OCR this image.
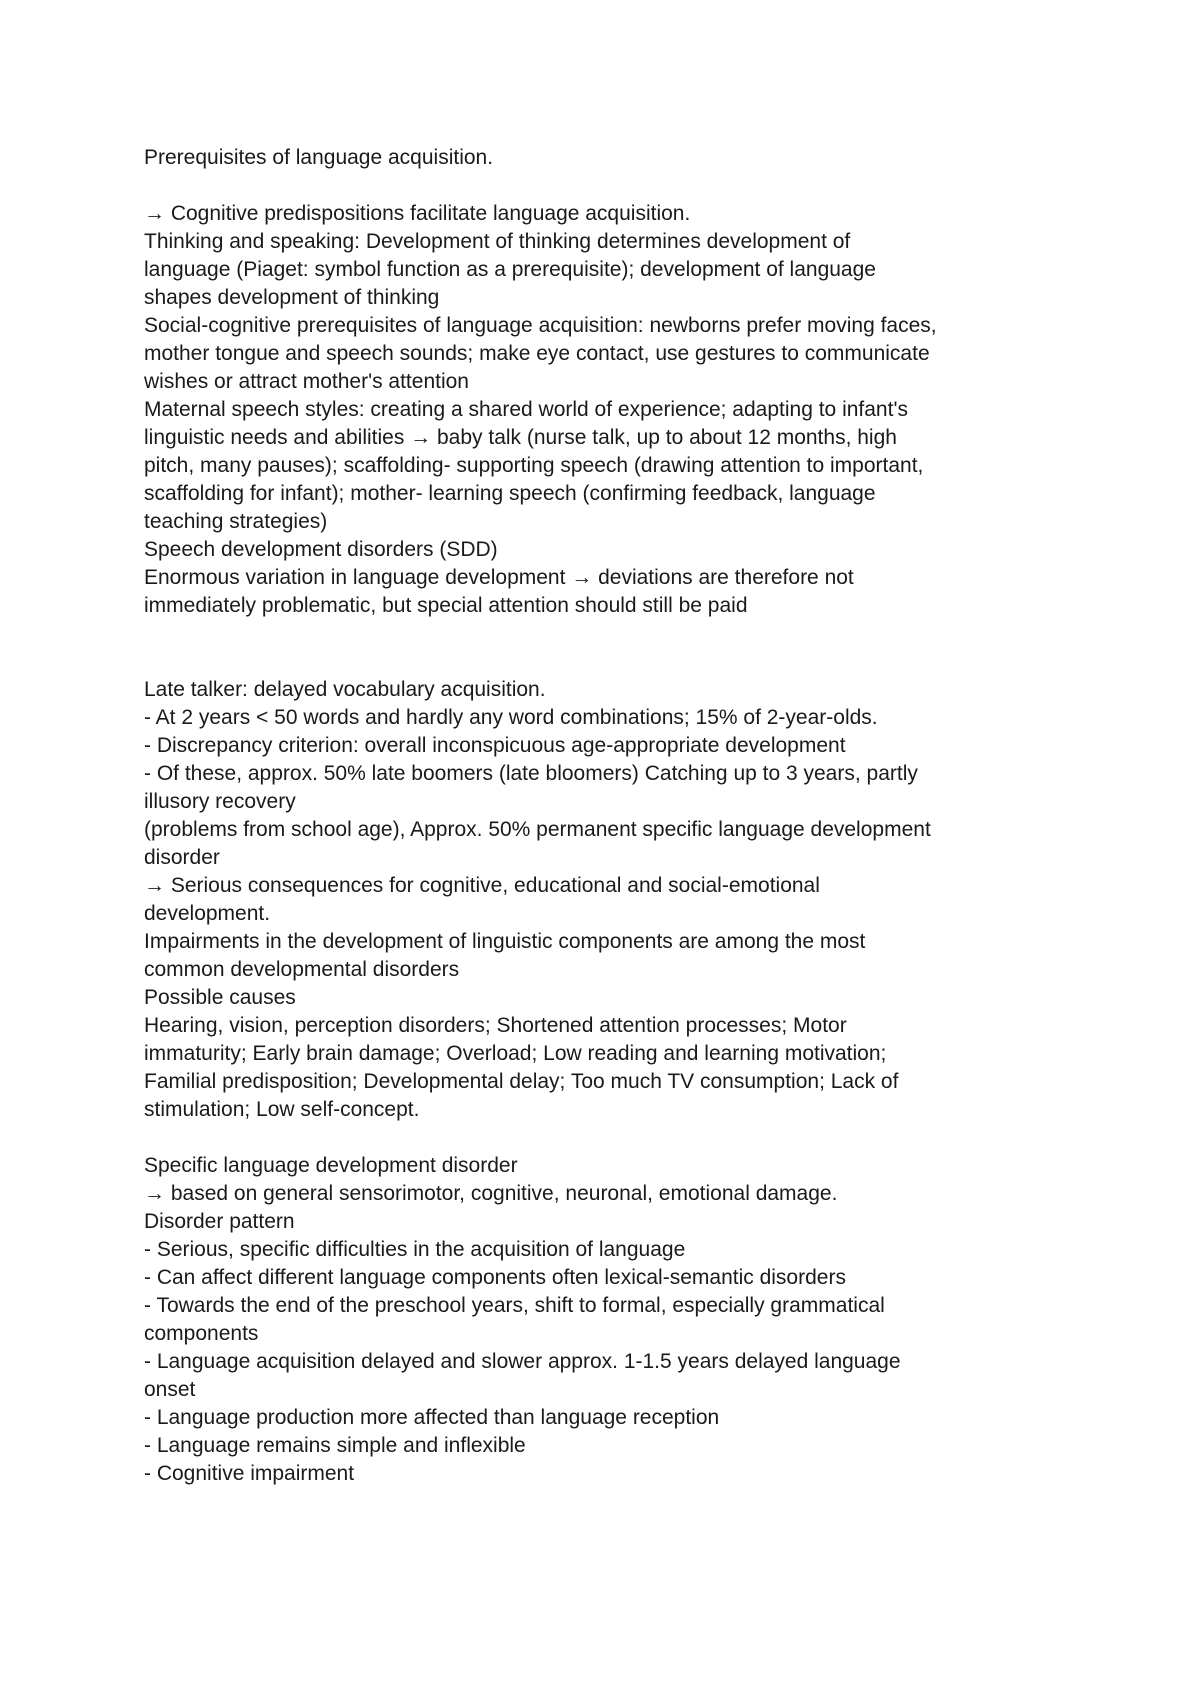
Prerequisites of language acquisition.
→ Cognitive predispositions facilitate language acquisition.
Thinking and speaking: Development of thinking determines development of
language (Piaget: symbol function as a prerequisite); development of language
shapes development of thinking
Social-cognitive prerequisites of language acquisition: newborns prefer moving faces,
mother tongue and speech sounds; make eye contact, use gestures to communicate
wishes or attract mother's attention
Maternal speech styles: creating a shared world of experience; adapting to infant's
linguistic needs and abilities → baby talk (nurse talk, up to about 12 months, high
pitch, many pauses); scaffolding- supporting speech (drawing attention to important,
scaffolding for infant); mother- learning speech (confirming feedback, language
teaching strategies)
Speech development disorders (SDD)
Enormous variation in language development → deviations are therefore not
immediately problematic, but special attention should still be paid
Late talker: delayed vocabulary acquisition.
- At 2 years < 50 words and hardly any word combinations; 15% of 2-year-olds.
- Discrepancy criterion: overall inconspicuous age-appropriate development
- Of these, approx. 50% late boomers (late bloomers) Catching up to 3 years, partly
illusory recovery
(problems from school age), Approx. 50% permanent specific language development
disorder
→ Serious consequences for cognitive, educational and social-emotional
development.
Impairments in the development of linguistic components are among the most
common developmental disorders
Possible causes
Hearing, vision, perception disorders; Shortened attention processes; Motor
immaturity; Early brain damage; Overload; Low reading and learning motivation;
Familial predisposition; Developmental delay; Too much TV consumption; Lack of
stimulation; Low self-concept.
Specific language development disorder
→ based on general sensorimotor, cognitive, neuronal, emotional damage.
Disorder pattern
- Serious, specific difficulties in the acquisition of language
- Can affect different language components often lexical-semantic disorders
- Towards the end of the preschool years, shift to formal, especially grammatical
components
- Language acquisition delayed and slower approx. 1-1.5 years delayed language
onset
- Language production more affected than language reception
- Language remains simple and inflexible
- Cognitive impairment
